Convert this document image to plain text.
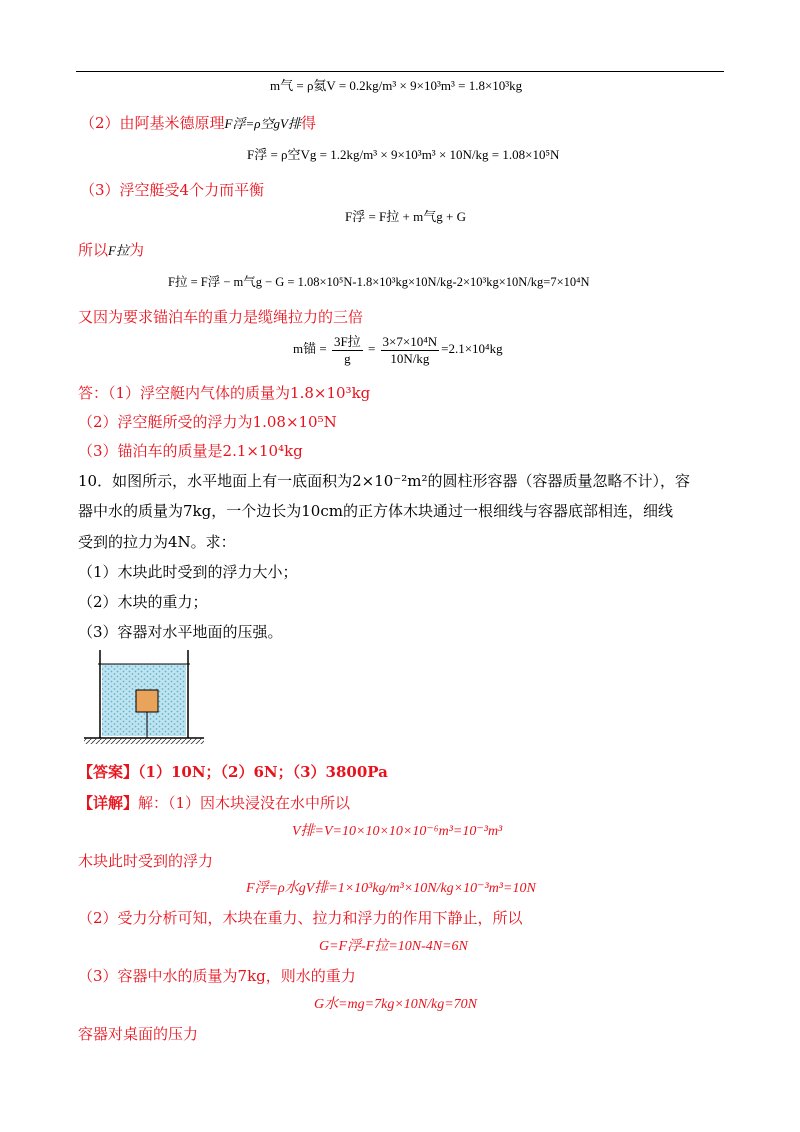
m气 = ρ氦V = 0.2kg/m³ × 9×10³m³ = 1.8×10³kg
（2）由阿基米德原理F浮=ρ空gV排得
F浮 = ρ空Vg = 1.2kg/m³ × 9×10³m³ × 10N/kg = 1.08×10⁵N
（3）浮空艇受4个力而平衡
F浮 = F拉 + m气g + G
所以F拉为
F拉 = F浮 − m气g − G = 1.08×10⁵N-1.8×10³kg×10N/kg-2×10³kg×10N/kg=7×10⁴N
又因为要求锚泊车的重力是缆绳拉力的三倍
m锚 = $\frac{\text{3F拉}}{g} = \frac{\text{3×7×10⁴N}}{10N/kg} =2.1\times 10^4kg$
答：（1）浮空艇内气体的质量为1.8×10³kg
（2）浮空艇所受的浮力为1.08×10⁵N
（3）锚泊车的质量是2.1×10⁴kg
10．如图所示，水平地面上有一底面积为2×10⁻²m²的圆柱形容器（容器质量忽略不计），容
器中水的质量为7kg，一个边长为10cm的正方体木块通过一根细线与容器底部相连，细线
受到的拉力为4N。求：
（1）木块此时受到的浮力大小；
（2）木块的重力；
（3）容器对水平地面的压强。
【答案】（1）10N；（2）6N；（3）3800Pa
【详解】解：（1）因木块浸没在水中所以
V排=V=10×10×10×10⁻⁶m³=10⁻³m³
木块此时受到的浮力
F浮=ρ水gV排=1×10³kg/m³×10N/kg×10⁻³m³=10N
（2）受力分析可知，木块在重力、拉力和浮力的作用下静止，所以
G=F浮-F拉=10N-4N=6N
（3）容器中水的质量为7kg，则水的重力
G水=mg=7kg×10N/kg=70N
容器对桌面的压力
